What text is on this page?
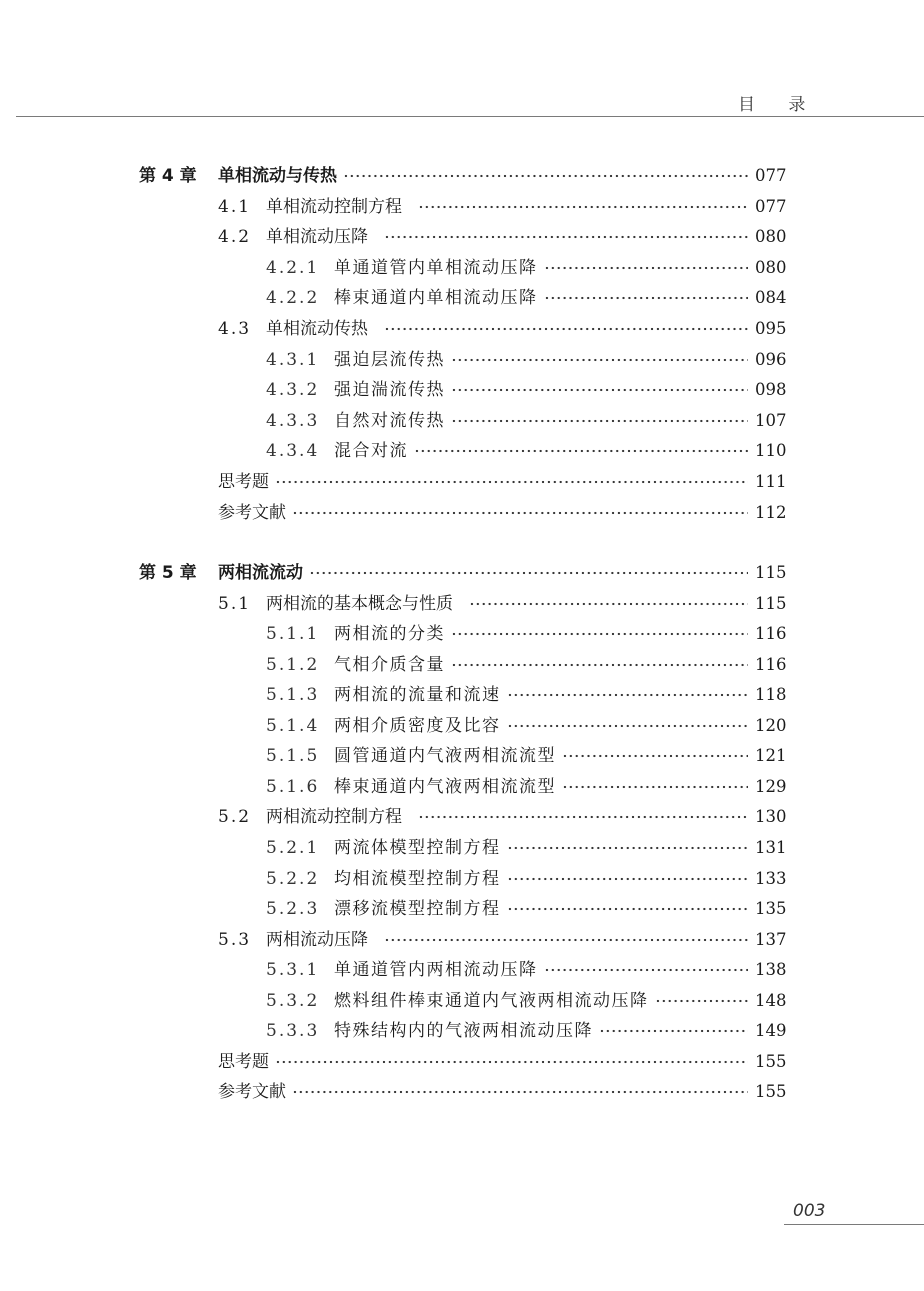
目 录
第 4 章 单相流动与传热	077
4.1 单相流动控制方程	077
4.2 单相流动压降	080
4.2.1 单通道管内单相流动压降	080
4.2.2 棒束通道内单相流动压降	084
4.3 单相流动传热	095
4.3.1 强迫层流传热	096
4.3.2 强迫湍流传热	098
4.3.3 自然对流传热	107
4.3.4 混合对流	110
思考题	111
参考文献	112
第 5 章 两相流流动	115
5.1 两相流的基本概念与性质	115
5.1.1 两相流的分类	116
5.1.2 气相介质含量	116
5.1.3 两相流的流量和流速	118
5.1.4 两相介质密度及比容	120
5.1.5 圆管通道内气液两相流流型	121
5.1.6 棒束通道内气液两相流流型	129
5.2 两相流动控制方程	130
5.2.1 两流体模型控制方程	131
5.2.2 均相流模型控制方程	133
5.2.3 漂移流模型控制方程	135
5.3 两相流动压降	137
5.3.1 单通道管内两相流动压降	138
5.3.2 燃料组件棒束通道内气液两相流动压降	148
5.3.3 特殊结构内的气液两相流动压降	149
思考题	155
参考文献	155
003
